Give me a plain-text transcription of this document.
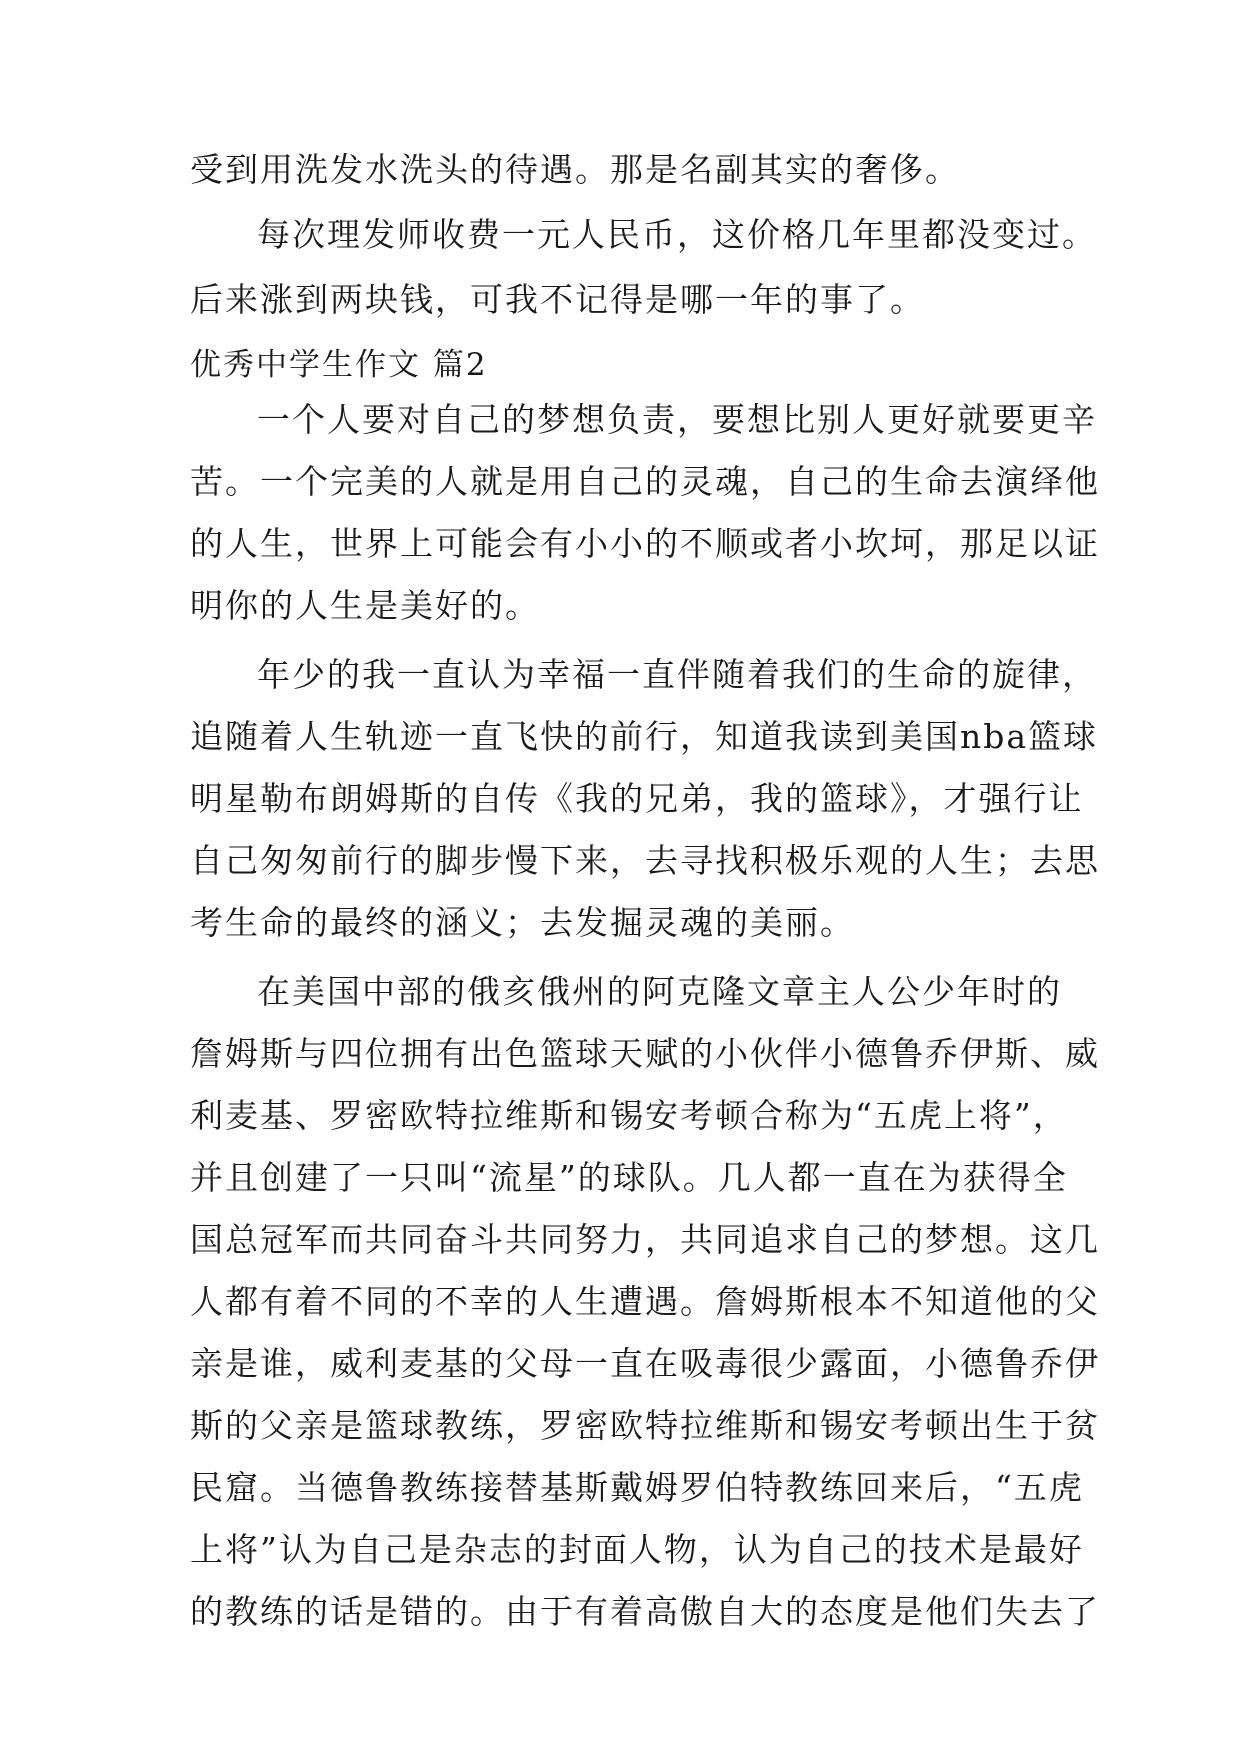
受到用洗发水洗头的待遇。那是名副其实的奢侈。
每次理发师收费一元人民币，这价格几年里都没变过。
后来涨到两块钱，可我不记得是哪一年的事了。
优秀中学生作文 篇2
一个人要对自己的梦想负责，要想比别人更好就要更辛
苦。一个完美的人就是用自己的灵魂，自己的生命去演绎他
的人生，世界上可能会有小小的不顺或者小坎坷，那足以证
明你的人生是美好的。
年少的我一直认为幸福一直伴随着我们的生命的旋律，
追随着人生轨迹一直飞快的前行，知道我读到美国nba篮球
明星勒布朗姆斯的自传《我的兄弟，我的篮球》，才强行让
自己匆匆前行的脚步慢下来，去寻找积极乐观的人生；去思
考生命的最终的涵义；去发掘灵魂的美丽。
在美国中部的俄亥俄州的阿克隆文章主人公少年时的
詹姆斯与四位拥有出色篮球天赋的小伙伴小德鲁乔伊斯、威
利麦基、罗密欧特拉维斯和锡安考顿合称为“五虎上将”，
并且创建了一只叫“流星”的球队。几人都一直在为获得全
国总冠军而共同奋斗共同努力，共同追求自己的梦想。这几
人都有着不同的不幸的人生遭遇。詹姆斯根本不知道他的父
亲是谁，威利麦基的父母一直在吸毒很少露面，小德鲁乔伊
斯的父亲是篮球教练，罗密欧特拉维斯和锡安考顿出生于贫
民窟。当德鲁教练接替基斯戴姆罗伯特教练回来后，“五虎
上将”认为自己是杂志的封面人物，认为自己的技术是最好
的教练的话是错的。由于有着高傲自大的态度是他们失去了
